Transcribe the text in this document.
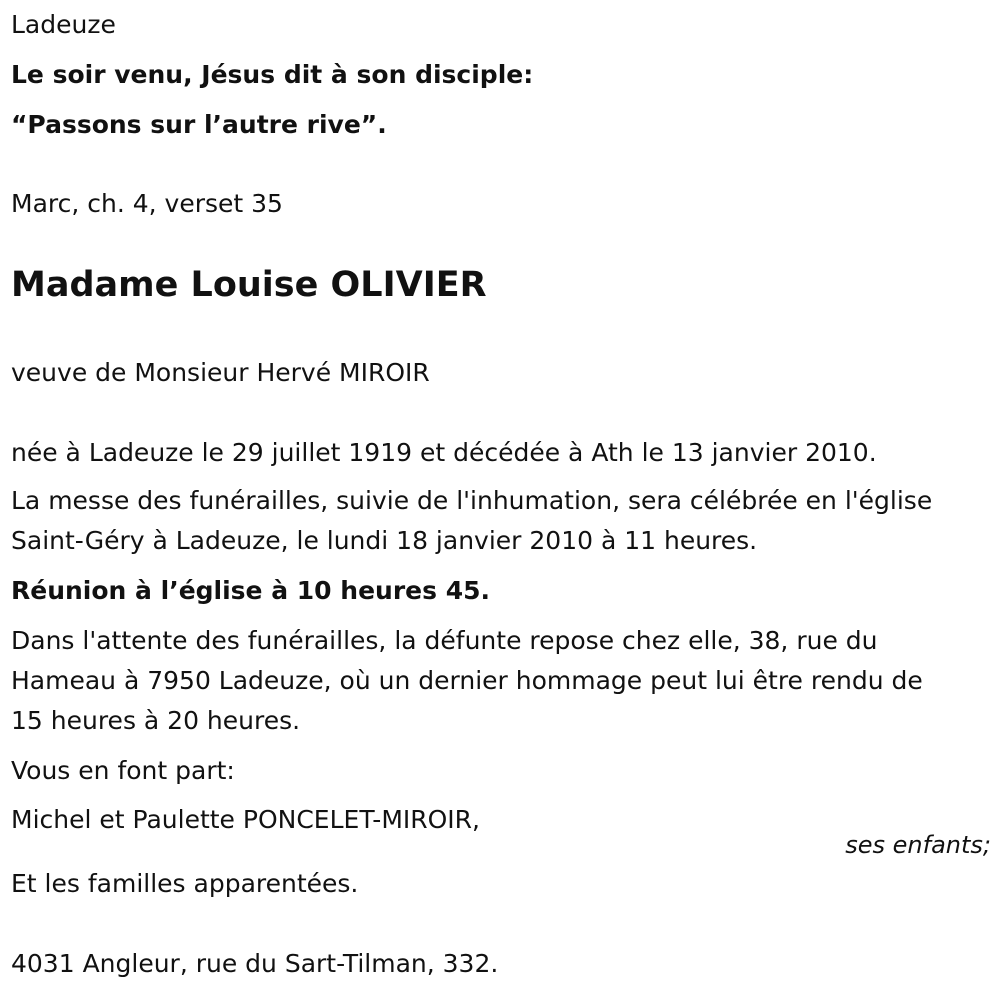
Ladeuze
Le soir venu, Jésus dit à son disciple:
“Passons sur l’autre rive”.
Marc, ch. 4, verset 35
Madame Louise OLIVIER
veuve de Monsieur Hervé MIROIR
née à Ladeuze le 29 juillet 1919 et décédée à Ath le 13 janvier 2010.
La messe des funérailles, suivie de l'inhumation, sera célébrée en l'église
Saint-Géry à Ladeuze, le lundi 18 janvier 2010 à 11 heures.
Réunion à l’église à 10 heures 45.
Dans l'attente des funérailles, la défunte repose chez elle, 38, rue du
Hameau à 7950 Ladeuze, où un dernier hommage peut lui être rendu de
15 heures à 20 heures.
Vous en font part:
Michel et Paulette PONCELET-MIROIR,
ses enfants;
Et les familles apparentées.
4031 Angleur, rue du Sart-Tilman, 332.
